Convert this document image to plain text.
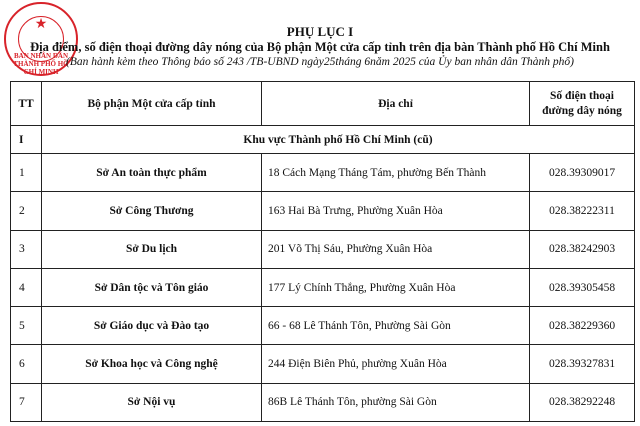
★
BAN NHÂN DÂN THÀNH PHỐ HỒ CHÍ MINH
PHỤ LỤC I
Địa điểm, số điện thoại đường dây nóng của Bộ phận Một cửa cấp tỉnh trên địa bàn Thành phố Hồ Chí Minh
(Ban hành kèm theo Thông báo số 243 /TB-UBND ngày25tháng 6năm 2025 của Ủy ban nhân dân Thành phố)
TT	Bộ phận Một cửa cấp tỉnh	Địa chỉ	Số điện thoại
đường dây nóng

I	Khu vực Thành phố Hồ Chí Minh (cũ)		
1	Sở An toàn thực phẩm	18 Cách Mạng Tháng Tám, phường Bến Thành	028.39309017
2	Sở Công Thương	163 Hai Bà Trưng, Phường Xuân Hòa	028.38222311
3	Sở Du lịch	201 Võ Thị Sáu, Phường Xuân Hòa	028.38242903
4	Sở Dân tộc và Tôn giáo	177 Lý Chính Thắng, Phường Xuân Hòa	028.39305458
5	Sở Giáo dục và Đào tạo	66 - 68 Lê Thánh Tôn, Phường Sài Gòn	028.38229360
6	Sở Khoa học và Công nghệ	244 Điện Biên Phủ, phường Xuân Hòa	028.39327831
7	Sở Nội vụ	86B Lê Thánh Tôn, phường Sài Gòn	028.38292248
